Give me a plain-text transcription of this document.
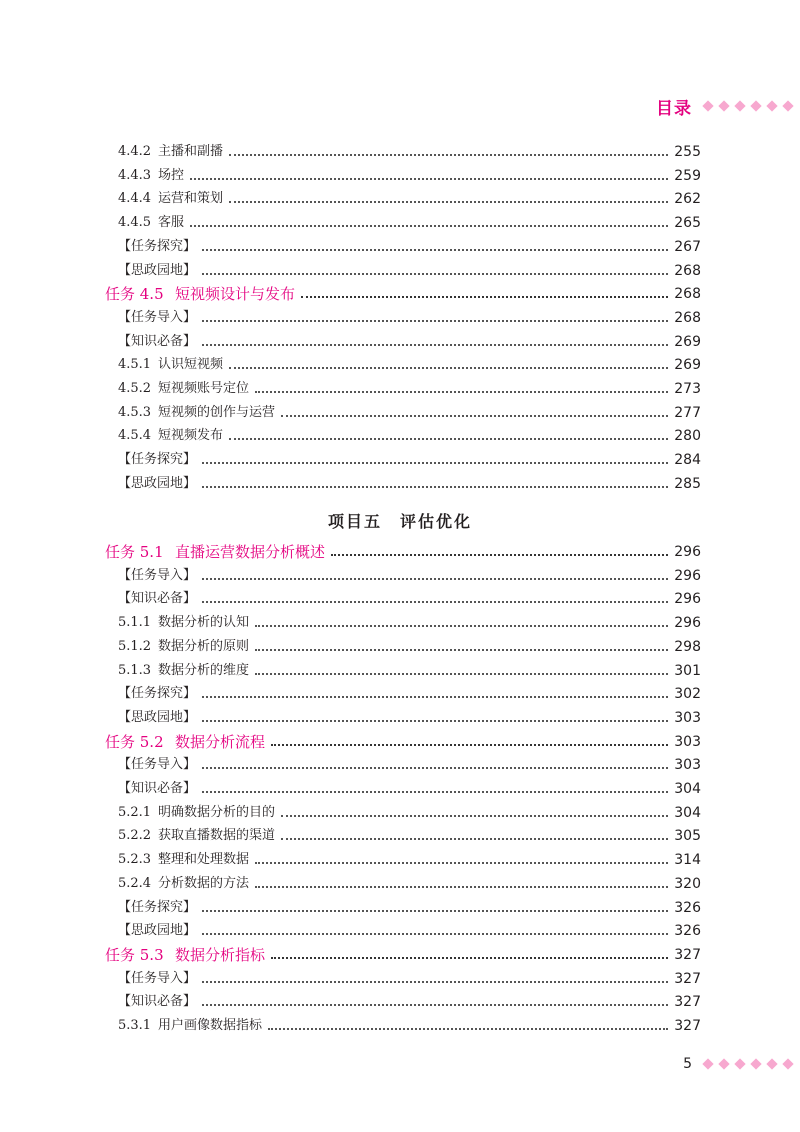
目录
4.4.2 主播和副播	255
4.4.3 场控	259
4.4.4 运营和策划	262
4.4.5 客服	265
【任务探究】	267
【思政园地】	268
任务 4.5 短视频设计与发布	268
【任务导入】	268
【知识必备】	269
4.5.1 认识短视频	269
4.5.2 短视频账号定位	273
4.5.3 短视频的创作与运营	277
4.5.4 短视频发布	280
【任务探究】	284
【思政园地】	285
任务 5.1 直播运营数据分析概述	296
【任务导入】	296
【知识必备】	296
5.1.1 数据分析的认知	296
5.1.2 数据分析的原则	298
5.1.3 数据分析的维度	301
【任务探究】	302
【思政园地】	303
任务 5.2 数据分析流程	303
【任务导入】	303
【知识必备】	304
5.2.1 明确数据分析的目的	304
5.2.2 获取直播数据的渠道	305
5.2.3 整理和处理数据	314
5.2.4 分析数据的方法	320
【任务探究】	326
【思政园地】	326
任务 5.3 数据分析指标	327
【任务导入】	327
【知识必备】	327
5.3.1 用户画像数据指标	327
项目五　评估优化
5
